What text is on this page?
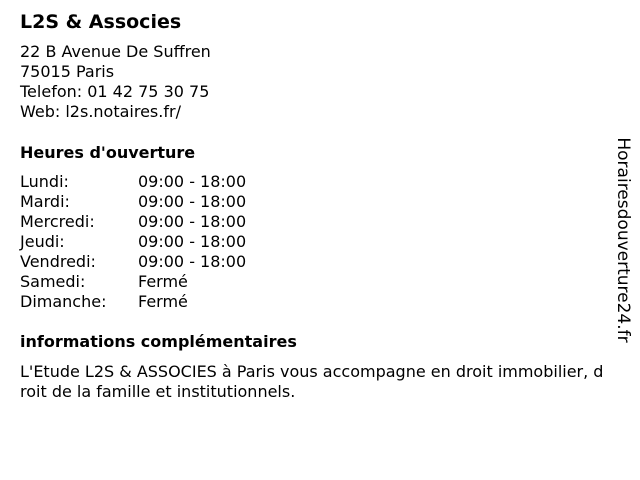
L2S & Associes
22 B Avenue De Suffren
75015 Paris
Telefon: 01 42 75 30 75
Web: l2s.notaires.fr/
Heures d'ouverture
Lundi:	09:00 - 18:00
Mardi:	09:00 - 18:00
Mercredi:	09:00 - 18:00
Jeudi:	09:00 - 18:00
Vendredi:	09:00 - 18:00
Samedi:	Fermé
Dimanche:	Fermé
informations complémentaires
L'Etude L2S & ASSOCIES à Paris vous accompagne en droit immobilier, droit de la famille et institutionnels.
Horairesdouverture24.fr
